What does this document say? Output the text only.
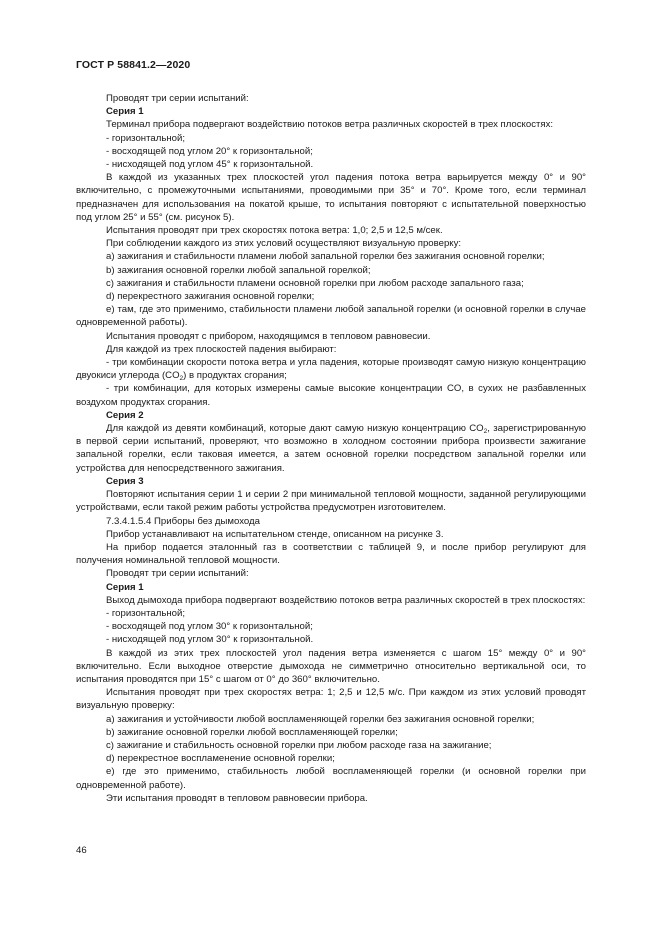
ГОСТ Р 58841.2—2020
Проводят три серии испытаний:
Серия 1
Терминал прибора подвергают воздействию потоков ветра различных скоростей в трех плоскостях:
- горизонтальной;
- восходящей под углом 20° к горизонтальной;
- нисходящей под углом 45° к горизонтальной.
В каждой из указанных трех плоскостей угол падения потока ветра варьируется между 0° и 90° включительно, с промежуточными испытаниями, проводимыми при 35° и 70°. Кроме того, если терминал предназначен для использования на покатой крыше, то испытания повторяют с испытательной поверхностью под углом 25° и 55° (см. рисунок 5).
Испытания проводят при трех скоростях потока ветра: 1,0; 2,5 и 12,5 м/сек.
При соблюдении каждого из этих условий осуществляют визуальную проверку:
а) зажигания и стабильности пламени любой запальной горелки без зажигания основной горелки;
b) зажигания основной горелки любой запальной горелкой;
c) зажигания и стабильности пламени основной горелки при любом расходе запального газа;
d) перекрестного зажигания основной горелки;
e) там, где это применимо, стабильности пламени любой запальной горелки (и основной горелки в случае одновременной работы).
Испытания проводят с прибором, находящимся в тепловом равновесии.
Для каждой из трех плоскостей падения выбирают:
- три комбинации скорости потока ветра и угла падения, которые производят самую низкую концентрацию двуокиси углерода $(CO_2)$ в продуктах сгорания;
- три комбинации, для которых измерены самые высокие концентрации CO, в сухих не разбавленных воздухом продуктах сгорания.
Серия 2
Для каждой из девяти комбинаций, которые дают самую низкую концентрацию $CO_2$, зарегистрированную в первой серии испытаний, проверяют, что возможно в холодном состоянии прибора произвести зажигание запальной горелки, если таковая имеется, а затем основной горелки посредством запальной горелки или устройства для непосредственного зажигания.
Серия 3
Повторяют испытания серии 1 и серии 2 при минимальной тепловой мощности, заданной регулирующими устройствами, если такой режим работы устройства предусмотрен изготовителем.
7.3.4.1.5.4 Приборы без дымохода
Прибор устанавливают на испытательном стенде, описанном на рисунке 3.
На прибор подается эталонный газ в соответствии с таблицей 9, и после прибор регулируют для получения номинальной тепловой мощности.
Проводят три серии испытаний:
Серия 1
Выход дымохода прибора подвергают воздействию потоков ветра различных скоростей в трех плоскостях:
- горизонтальной;
- восходящей под углом 30° к горизонтальной;
- нисходящей под углом 30° к горизонтальной.
В каждой из этих трех плоскостей угол падения ветра изменяется с шагом 15° между 0° и 90° включительно. Если выходное отверстие дымохода не симметрично относительно вертикальной оси, то испытания проводятся при 15° с шагом от 0° до 360° включительно.
Испытания проводят при трех скоростях ветра: 1; 2,5 и 12,5 м/с. При каждом из этих условий проводят визуальную проверку:
а) зажигания и устойчивости любой воспламеняющей горелки без зажигания основной горелки;
b) зажигание основной горелки любой воспламеняющей горелки;
c) зажигание и стабильность основной горелки при любом расходе газа на зажигание;
d) перекрестное воспламенение основной горелки;
е) где это применимо, стабильность любой воспламеняющей горелки (и основной горелки при одновременной работе).
Эти испытания проводят в тепловом равновесии прибора.
46
